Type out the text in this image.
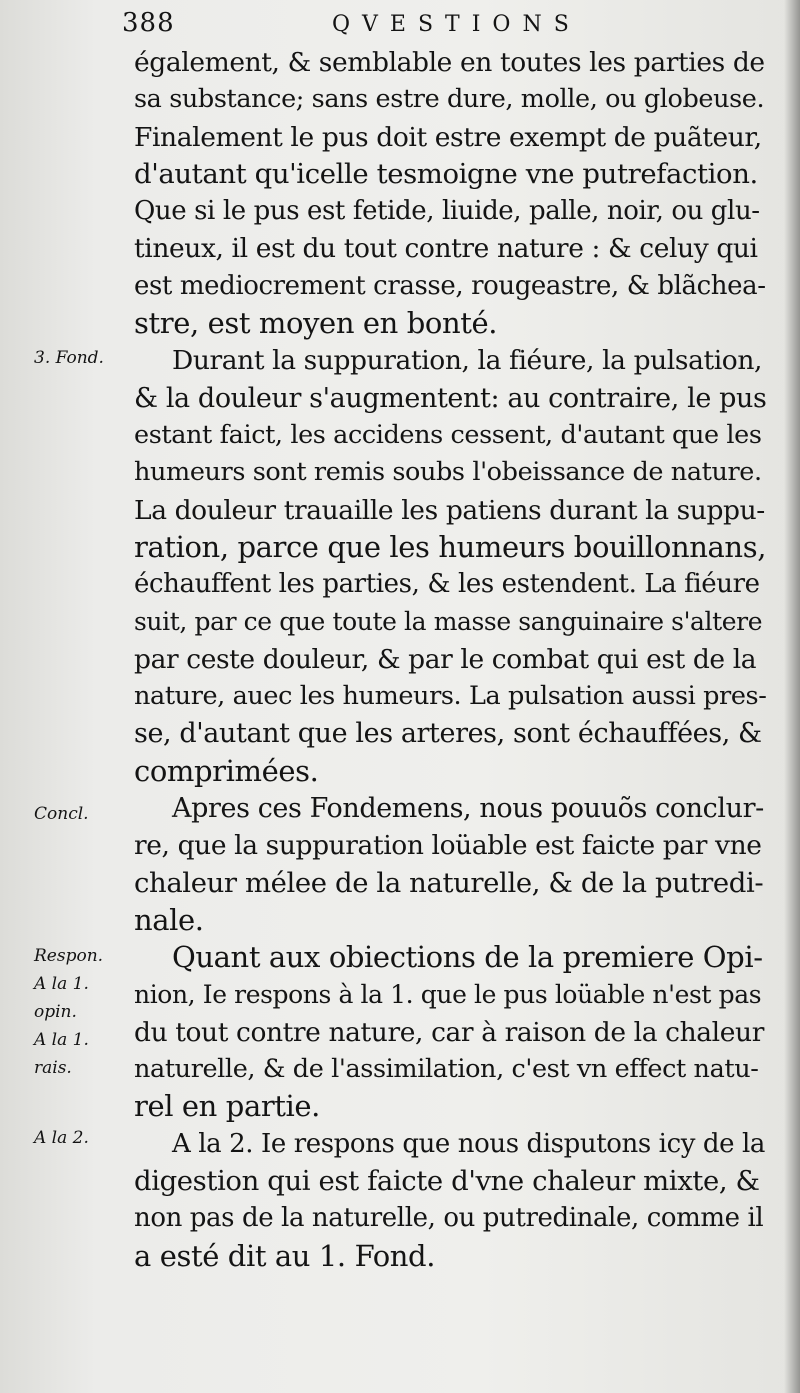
388	QVESTIONS
également, & semblable en toutes les parties de
sa substance; sans estre dure, molle, ou globeuse.
Finalement le pus doit estre exempt de puãteur,
d'autant qu'icelle tesmoigne vne putrefaction.
Que si le pus est fetide, liuide, palle, noir, ou glu-
tineux, il est du tout contre nature : & celuy qui
est mediocrement crasse, rougeastre, & blãchea-
stre, est moyen en bonté.
Durant la suppuration, la fiéure, la pulsation,
& la douleur s'augmentent: au contraire, le pus
estant faict, les accidens cessent, d'autant que les
humeurs sont remis soubs l'obeissance de nature.
La douleur trauaille les patiens durant la suppu-
ration, parce que les humeurs bouillonnans,
échauffent les parties, & les estendent. La fiéure
suit, par ce que toute la masse sanguinaire s'altere
par ceste douleur, & par le combat qui est de la
nature, auec les humeurs. La pulsation aussi pres-
se, d'autant que les arteres, sont échauffées, &
comprimées.
Apres ces Fondemens, nous pouuõs conclur-
re, que la suppuration loüable est faicte par vne
chaleur mélee de la naturelle, & de la putredi-
nale.
Quant aux obiections de la premiere Opi-
nion, Ie respons à la 1. que le pus loüable n'est pas
du tout contre nature, car à raison de la chaleur
naturelle, & de l'assimilation, c'est vn effect natu-
rel en partie.
A la 2. Ie respons que nous disputons icy de la
digestion qui est faicte d'vne chaleur mixte, &
non pas de la naturelle, ou putredinale, comme il
a esté dit au 1. Fond.
3. Fond.
Concl.
Respon.
A la 1.
opin.
A la 1.
rais.
A la 2.
